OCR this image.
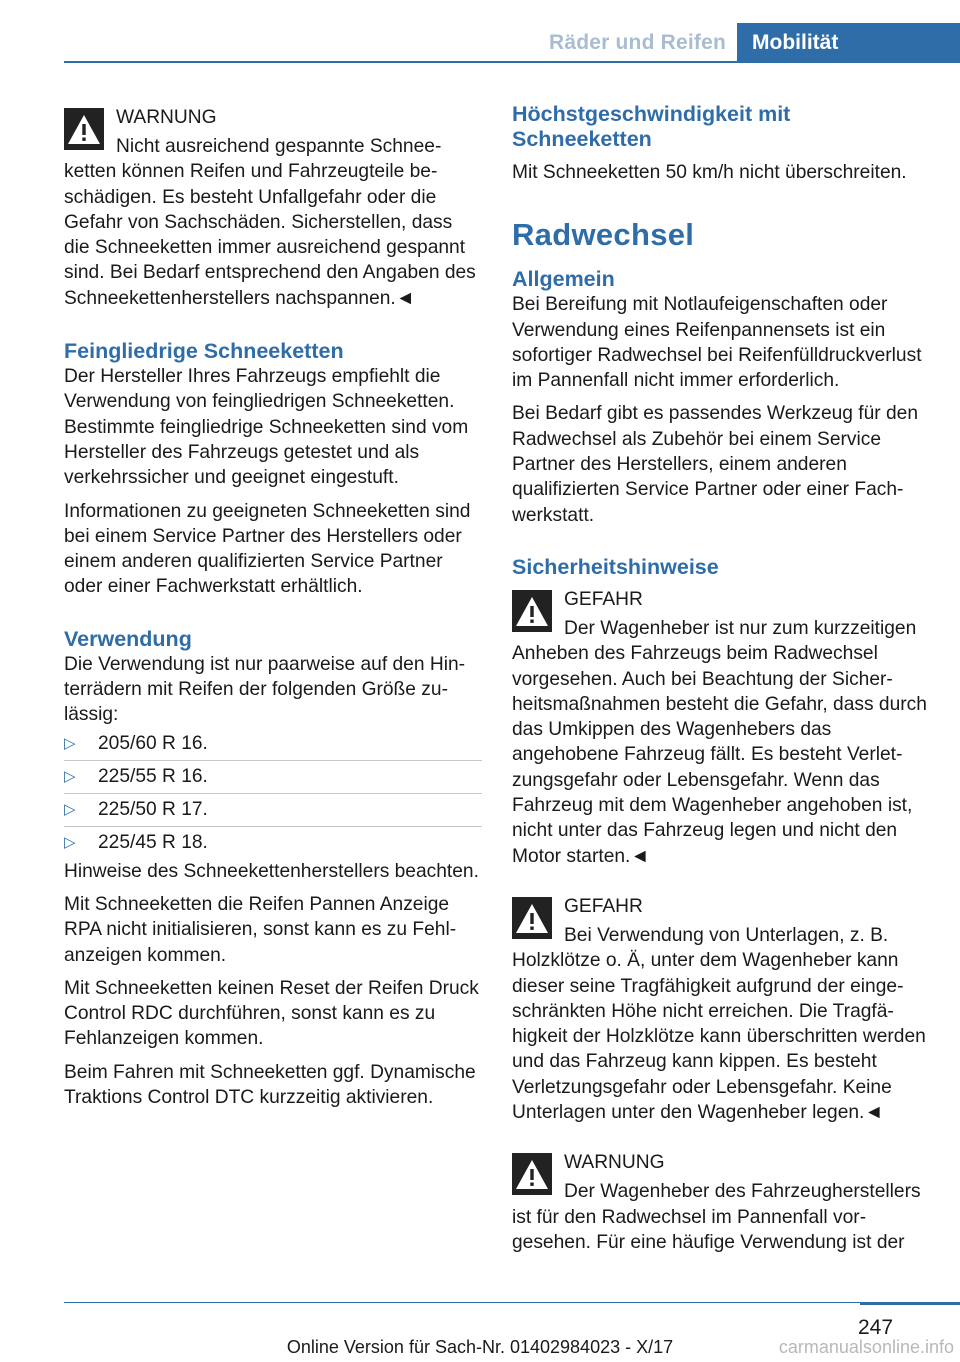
Räder und Reifen	Mobilität
WARNUNG
Nicht ausreichend gespannte Schneeketten können Reifen und Fahrzeugteile beschädigen. Es besteht Unfallgefahr oder die Gefahr von Sachschäden. Sicherstellen, dass die Schneeketten immer ausreichend gespannt sind. Bei Bedarf entsprechend den Angaben des Schneekettenherstellers nachspannen.◄
Feingliedrige Schneeketten

Der Hersteller Ihres Fahrzeugs empfiehlt die Verwendung von feingliedrigen Schneeketten. Bestimmte feingliedrige Schneeketten sind vom Hersteller des Fahrzeugs getestet und als verkehrssicher und geeignet eingestuft.

Informationen zu geeigneten Schneeketten sind bei einem Service Partner des Herstellers oder einem anderen qualifizierten Service Partner oder einer Fachwerkstatt erhältlich.

Verwendung

Die Verwendung ist nur paarweise auf den Hinterrädern mit Reifen der folgenden Größe zulässig:

▷	205/60 R 16.
▷	225/55 R 16.
▷	225/50 R 17.
▷	225/45 R 18.

Hinweise des Schneekettenherstellers beachten.

Mit Schneeketten die Reifen Pannen Anzeige RPA nicht initialisieren, sonst kann es zu Fehlanzeigen kommen.

Mit Schneeketten keinen Reset der Reifen Druck Control RDC durchführen, sonst kann es zu Fehlanzeigen kommen.

Beim Fahren mit Schneeketten ggf. Dynamische Traktions Control DTC kurzzeitig aktivieren.

Höchstgeschwindigkeit mit Schneeketten

Mit Schneeketten 50 km/h nicht überschreiten.

Radwechsel
Allgemein

Bei Bereifung mit Notlaufeigenschaften oder Verwendung eines Reifenpannensets ist ein sofortiger Radwechsel bei Reifenfülldruckverlust im Pannenfall nicht immer erforderlich.

Bei Bedarf gibt es passendes Werkzeug für den Radwechsel als Zubehör bei einem Service Partner des Herstellers, einem anderen qualifizierten Service Partner oder einer Fachwerkstatt.

Sicherheitshinweise
GEFAHR
Der Wagenheber ist nur zum kurzzeitigen Anheben des Fahrzeugs beim Radwechsel vorgesehen. Auch bei Beachtung der Sicherheitsmaßnahmen besteht die Gefahr, dass durch das Umkippen des Wagenhebers das angehobene Fahrzeug fällt. Es besteht Verletzungsgefahr oder Lebensgefahr. Wenn das Fahrzeug mit dem Wagenheber angehoben ist, nicht unter das Fahrzeug legen und nicht den Motor starten.◄
GEFAHR
Bei Verwendung von Unterlagen, z. B. Holzklötze o. Ä, unter dem Wagenheber kann dieser seine Tragfähigkeit aufgrund der eingeschränkten Höhe nicht erreichen. Die Tragfähigkeit der Holzklötze kann überschritten werden und das Fahrzeug kann kippen. Es besteht Verletzungsgefahr oder Lebensgefahr. Keine Unterlagen unter den Wagenheber legen.◄
WARNUNG
Der Wagenheber des Fahrzeugherstellers ist für den Radwechsel im Pannenfall vorgesehen. Für eine häufige Verwendung ist der
247
Online Version für Sach-Nr. 01402984023 - X/17	carmanualsonline.info
